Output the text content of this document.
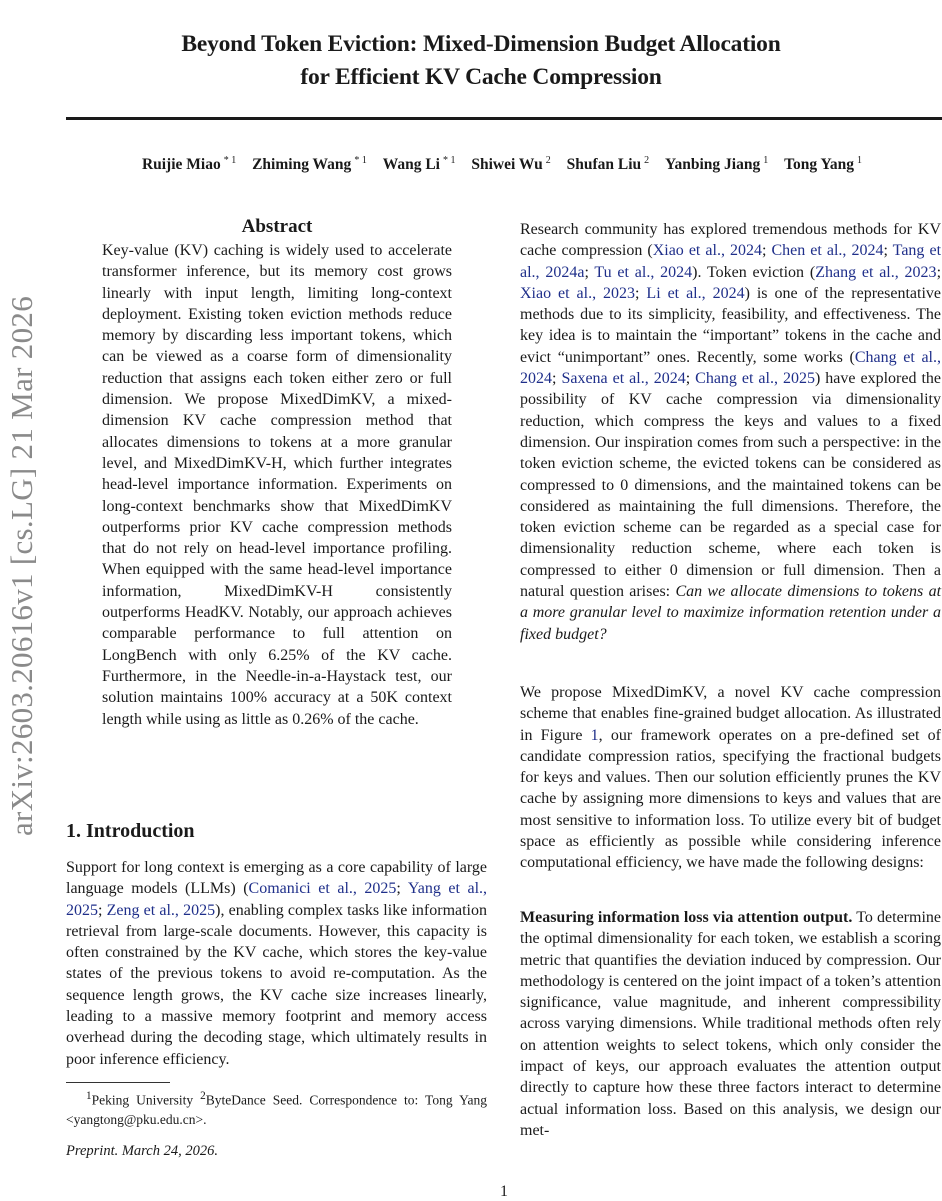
Beyond Token Eviction: Mixed-Dimension Budget Allocation
for Efficient KV Cache Compression
Ruijie Miao $^{* 1}$ Zhiming Wang $^{* 1}$ Wang Li $^{* 1}$ Shiwei Wu $^2$ Shufan Liu $^2$ Yanbing Jiang $^1$ Tong Yang $^1$
arXiv:2603.20616v1 [cs.LG] 21 Mar 2026
Abstract

Key-value (KV) caching is widely used to accelerate transformer inference, but its memory cost grows linearly with input length, limiting long-context deployment. Existing token eviction methods reduce memory by discarding less important tokens, which can be viewed as a coarse form of dimensionality reduction that assigns each token either zero or full dimension. We propose MixedDimKV, a mixed-dimension KV cache compression method that allocates dimensions to tokens at a more granular level, and MixedDimKV-H, which further integrates head-level importance information. Experiments on long-context benchmarks show that MixedDimKV outperforms prior KV cache compression methods that do not rely on head-level importance profiling. When equipped with the same head-level importance information, MixedDimKV-H consistently outperforms HeadKV. Notably, our approach achieves comparable performance to full attention on LongBench with only 6.25% of the KV cache. Furthermore, in the Needle-in-a-Haystack test, our solution maintains 100% accuracy at a 50K context length while using as little as 0.26% of the cache.

1. Introduction

Support for long context is emerging as a core capability of large language models (LLMs) (Comanici et al., 2025; Yang et al., 2025; Zeng et al., 2025), enabling complex tasks like information retrieval from large-scale documents. However, this capacity is often constrained by the KV cache, which stores the key-value states of the previous tokens to avoid re-computation. As the sequence length grows, the KV cache size increases linearly, leading to a massive memory footprint and memory access overhead during the decoding stage, which ultimately results in poor inference efficiency.

$^1$Peking University $^2$ByteDance Seed. Correspondence to: Tong Yang <yangtong@pku.edu.cn>.
Preprint. March 24, 2026.

Research community has explored tremendous methods for KV cache compression (Xiao et al., 2024; Chen et al., 2024; Tang et al., 2024a; Tu et al., 2024). Token eviction (Zhang et al., 2023; Xiao et al., 2023; Li et al., 2024) is one of the representative methods due to its simplicity, feasibility, and effectiveness. The key idea is to maintain the “important” tokens in the cache and evict “unimportant” ones. Recently, some works (Chang et al., 2024; Saxena et al., 2024; Chang et al., 2025) have explored the possibility of KV cache compression via dimensionality reduction, which compress the keys and values to a fixed dimension. Our inspiration comes from such a perspective: in the token eviction scheme, the evicted tokens can be considered as compressed to 0 dimensions, and the maintained tokens can be considered as maintaining the full dimensions. Therefore, the token eviction scheme can be regarded as a special case for dimensionality reduction scheme, where each token is compressed to either 0 dimension or full dimension. Then a natural question arises: Can we allocate dimensions to tokens at a more granular level to maximize information retention under a fixed budget?

We propose MixedDimKV, a novel KV cache compression scheme that enables fine-grained budget allocation. As illustrated in Figure 1, our framework operates on a pre-defined set of candidate compression ratios, specifying the fractional budgets for keys and values. Then our solution efficiently prunes the KV cache by assigning more dimensions to keys and values that are most sensitive to information loss. To utilize every bit of budget space as efficiently as possible while considering inference computational efficiency, we have made the following designs:

Measuring information loss via attention output. To determine the optimal dimensionality for each token, we establish a scoring metric that quantifies the deviation induced by compression. Our methodology is centered on the joint impact of a token’s attention significance, value magnitude, and inherent compressibility across varying dimensions. While traditional methods often rely on attention weights to select tokens, which only consider the impact of keys, our approach evaluates the attention output directly to capture how these three factors interact to determine actual information loss. Based on this analysis, we design our met-

1
